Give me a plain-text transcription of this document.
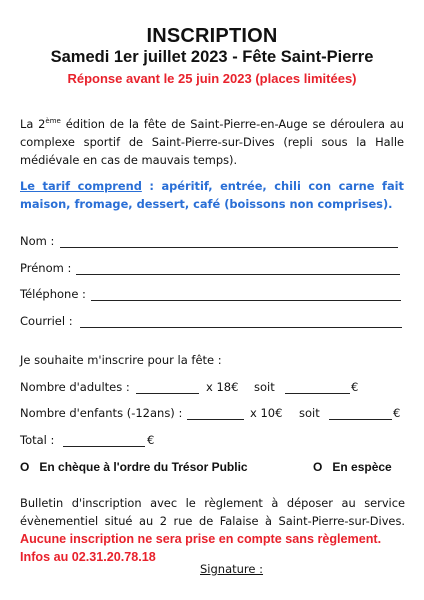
INSCRIPTION
Samedi 1er juillet 2023 - Fête Saint-Pierre
Réponse avant le 25 juin 2023 (places limitées)
La 2ème édition de la fête de Saint-Pierre-en-Auge se déroulera au complexe sportif de Saint-Pierre-sur-Dives (repli sous la Halle médiévale en cas de mauvais temps).
Le tarif comprend : apéritif, entrée, chili con carne fait maison, fromage, dessert, café (boissons non comprises).
Nom :
Prénom :
Téléphone :
Courriel :
Je souhaite m'inscrire pour la fête :
Nombre d'adultes :	x 18€ soit	€
Nombre d'enfants (-12ans) :	x 10€ soit	€
Total :	€
O En chèque à l'ordre du Trésor Public	O En espèce
Bulletin d'inscription avec le règlement à déposer au service évènementiel situé au 2 rue de Falaise à Saint-Pierre-sur-Dives.
Aucune inscription ne sera prise en compte sans règlement.
Infos au 02.31.20.78.18
Signature :
